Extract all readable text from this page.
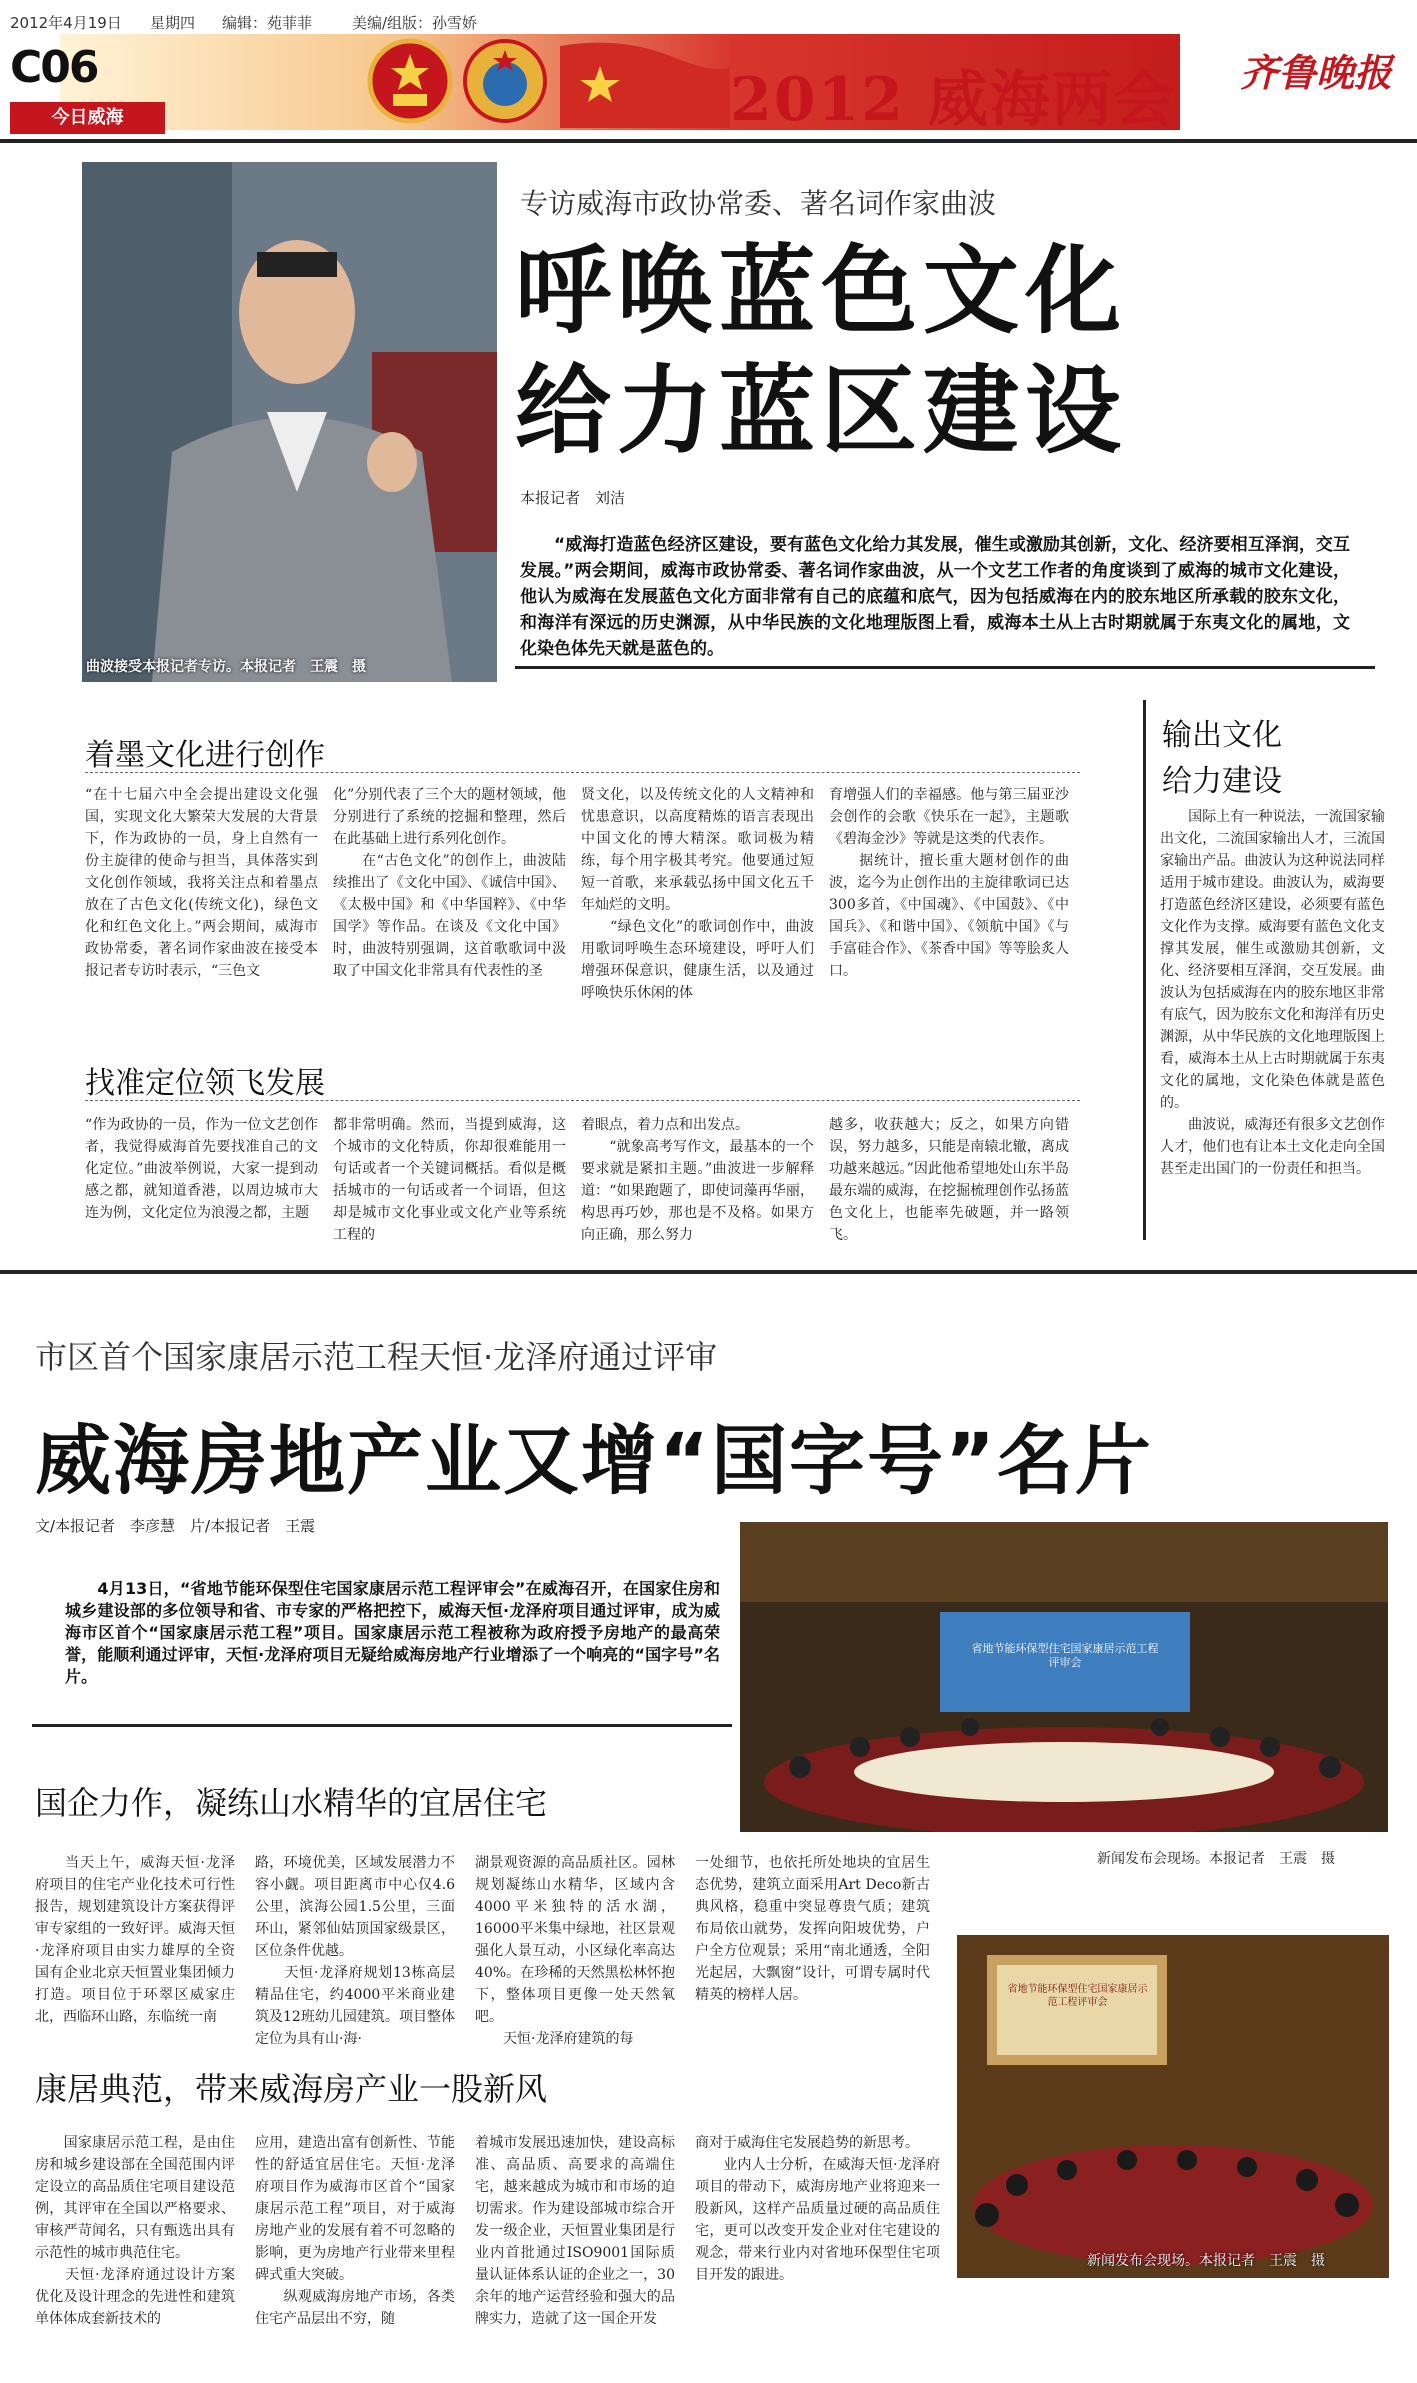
2012年4月19日 星期四 编辑：苑菲菲	美编/组版：孙雪娇
C06
今日威海	2012 威海两会 齐鲁晚报
曲波接受本报记者专访。本报记者　王震　摄
专访威海市政协常委、著名词作家曲波
呼唤蓝色文化
给力蓝区建设
本报记者　刘洁
“威海打造蓝色经济区建设，要有蓝色文化给力其发展，催生或激励其创新，文化、经济要相互泽润，交互发展。”两会期间，威海市政协常委、著名词作家曲波，从一个文艺工作者的角度谈到了威海的城市文化建设，他认为威海在发展蓝色文化方面非常有自己的底蕴和底气，因为包括威海在内的胶东地区所承载的胶东文化，和海洋有深远的历史渊源，从中华民族的文化地理版图上看，威海本土从上古时期就属于东夷文化的属地，文化染色体先天就是蓝色的。
着墨文化进行创作
“在十七届六中全会提出建设文化强国，实现文化大繁荣大发展的大背景下，作为政协的一员，身上自然有一份主旋律的使命与担当，具体落实到文化创作领域，我将关注点和着墨点放在了古色文化(传统文化)，绿色文化和红色文化上。”两会期间，威海市政协常委，著名词作家曲波在接受本报记者专访时表示，“三色文
化”分别代表了三个大的题材领域，他分别进行了系统的挖掘和整理，然后在此基础上进行系列化创作。
　　在“古色文化”的创作上，曲波陆续推出了《文化中国》、《诚信中国》、《太极中国》和《中华国粹》、《中华国学》等作品。在谈及《文化中国》时，曲波特别强调，这首歌歌词中汲取了中国文化非常具有代表性的圣
贤文化，以及传统文化的人文精神和忧患意识，以高度精炼的语言表现出中国文化的博大精深。歌词极为精练，每个用字极其考究。他要通过短短一首歌，来承载弘扬中国文化五千年灿烂的文明。
　　“绿色文化”的歌词创作中，曲波用歌词呼唤生态环境建设，呼吁人们增强环保意识，健康生活，以及通过呼唤快乐休闲的体
育增强人们的幸福感。他与第三届亚沙会创作的会歌《快乐在一起》，主题歌《碧海金沙》等就是这类的代表作。
　　据统计，擅长重大题材创作的曲波，迄今为止创作出的主旋律歌词已达300多首，《中国魂》、《中国鼓》、《中国兵》、《和谐中国》、《领航中国》《与手富硅合作》、《茶香中国》等等脍炙人口。
找准定位领飞发展
“作为政协的一员，作为一位文艺创作者，我觉得威海首先要找准自己的文化定位。”曲波举例说，大家一提到动感之都，就知道香港，以周边城市大连为例，文化定位为浪漫之都，主题
都非常明确。然而，当提到威海，这个城市的文化特质，你却很难能用一句话或者一个关键词概括。看似是概括城市的一句话或者一个词语，但这却是城市文化事业或文化产业等系统工程的
着眼点，着力点和出发点。
　　“就象高考写作文，最基本的一个要求就是紧扣主题。”曲波进一步解释道：“如果跑题了，即使词藻再华丽，构思再巧妙，那也是不及格。如果方向正确，那么努力
越多，收获越大；反之，如果方向错误，努力越多，只能是南辕北辙，离成功越来越远。”因此他希望地处山东半岛最东端的威海，在挖掘梳理创作弘扬蓝色文化上，也能率先破题，并一路领飞。
输出文化
给力建设
　　国际上有一种说法，一流国家输出文化，二流国家输出人才，三流国家输出产品。曲波认为这种说法同样适用于城市建设。曲波认为，威海要打造蓝色经济区建设，必须要有蓝色文化作为支撑。威海要有蓝色文化支撑其发展，催生或激励其创新，文化、经济要相互泽润，交互发展。曲波认为包括威海在内的胶东地区非常有底气，因为胶东文化和海洋有历史渊源，从中华民族的文化地理版图上看，威海本土从上古时期就属于东夷文化的属地，文化染色体就是蓝色的。
　　曲波说，威海还有很多文艺创作人才，他们也有让本土文化走向全国甚至走出国门的一份责任和担当。
市区首个国家康居示范工程天恒·龙泽府通过评审
威海房地产业又增“国字号”名片
文/本报记者　李彦慧　片/本报记者　王震
　　4月13日，“省地节能环保型住宅国家康居示范工程评审会”在威海召开，在国家住房和城乡建设部的多位领导和省、市专家的严格把控下，威海天恒·龙泽府项目通过评审，成为威海市区首个“国家康居示范工程”项目。国家康居示范工程被称为政府授予房地产的最高荣誉，能顺利通过评审，天恒·龙泽府项目无疑给威海房地产行业增添了一个响亮的“国字号”名片。
省地节能环保型住宅国家康居示范工程评审会
新闻发布会现场。本报记者　王震　摄
国企力作，凝练山水精华的宜居住宅
　　当天上午，威海天恒·龙泽府项目的住宅产业化技术可行性报告，规划建筑设计方案获得评审专家组的一致好评。威海天恒·龙泽府项目由实力雄厚的全资国有企业北京天恒置业集团倾力打造。项目位于环翠区威家庄北，西临环山路，东临统一南
路，环境优美，区域发展潜力不容小觑。项目距离市中心仅4.6公里，滨海公园1.5公里，三面环山，紧邻仙姑顶国家级景区，区位条件优越。
　　天恒·龙泽府规划13栋高层精品住宅，约4000平米商业建筑及12班幼儿园建筑。项目整体定位为具有山·海·
湖景观资源的高品质社区。园林规划凝练山水精华，区域内含4000平米独特的活水湖，16000平米集中绿地，社区景观强化人景互动，小区绿化率高达40%。在珍稀的天然黑松林怀抱下，整体项目更像一处天然氧吧。
　　天恒·龙泽府建筑的每
一处细节，也依托所处地块的宜居生态优势，建筑立面采用Art Deco新古典风格，稳重中突显尊贵气质；建筑布局依山就势，发挥向阳坡优势，户户全方位观景；采用“南北通透，全阳光起居，大飘窗”设计，可谓专属时代精英的榜样人居。	省地节能环保型住宅国家康居示范工程评审会
新闻发布会现场。本报记者　王震　摄
康居典范，带来威海房产业一股新风
　　国家康居示范工程，是由住房和城乡建设部在全国范围内评定设立的高品质住宅项目建设范例，其评审在全国以严格要求、审核严苛闻名，只有甄选出具有示范性的城市典范住宅。
　　天恒·龙泽府通过设计方案优化及设计理念的先进性和建筑单体体成套新技术的
应用，建造出富有创新性、节能性的舒适宜居住宅。天恒·龙泽府项目作为威海市区首个“国家康居示范工程”项目，对于威海房地产业的发展有着不可忽略的影响，更为房地产行业带来里程碑式重大突破。
　　纵观威海房地产市场，各类住宅产品层出不穷，随
着城市发展迅速加快，建设高标准、高品质、高要求的高端住宅，越来越成为城市和市场的迫切需求。作为建设部城市综合开发一级企业，天恒置业集团是行业内首批通过ISO9001国际质量认证体系认证的企业之一，30余年的地产运营经验和强大的品牌实力，造就了这一国企开发
商对于威海住宅发展趋势的新思考。
　　业内人士分析，在威海天恒·龙泽府项目的带动下，威海房地产业将迎来一股新风，这样产品质量过硬的高品质住宅，更可以改变开发企业对住宅建设的观念，带来行业内对省地环保型住宅项目开发的跟进。
